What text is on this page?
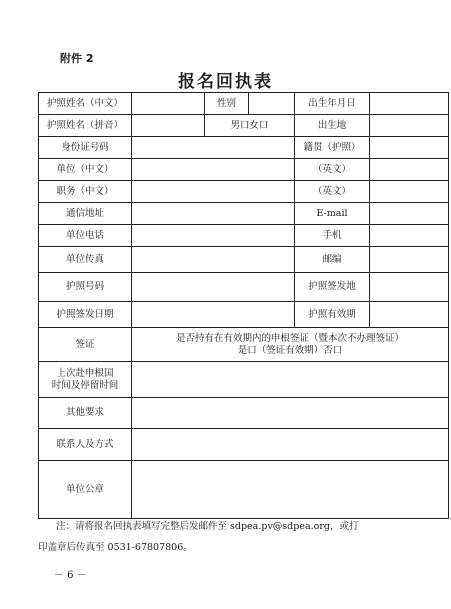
附件 2
报名回执表
护照姓名（中文）		性别		出生年月日	
护照姓名（拼音）		男口女口		出生地	
身份证号码				籍贯（护照）	
单位（中文）				（英文）	
职务（中文）				（英文）	
通信地址				E-mail	
单位电话				手机	
单位传真				邮编	
护照号码				护照签发地	
护照签发日期				护照有效期	
签证	是否持有在有效期内的申根签证（暨本次不办理签证）
是口（签证有效期）否口				

上次赴申根国
时间及停留时间					

其他要求					
联系人及方式					
单位公章					
注：请将报名回执表填写完整后发邮件至 sdpea.pv@sdpea.org，或打
印盖章后传真至 0531-67807806。
－ 6 －
